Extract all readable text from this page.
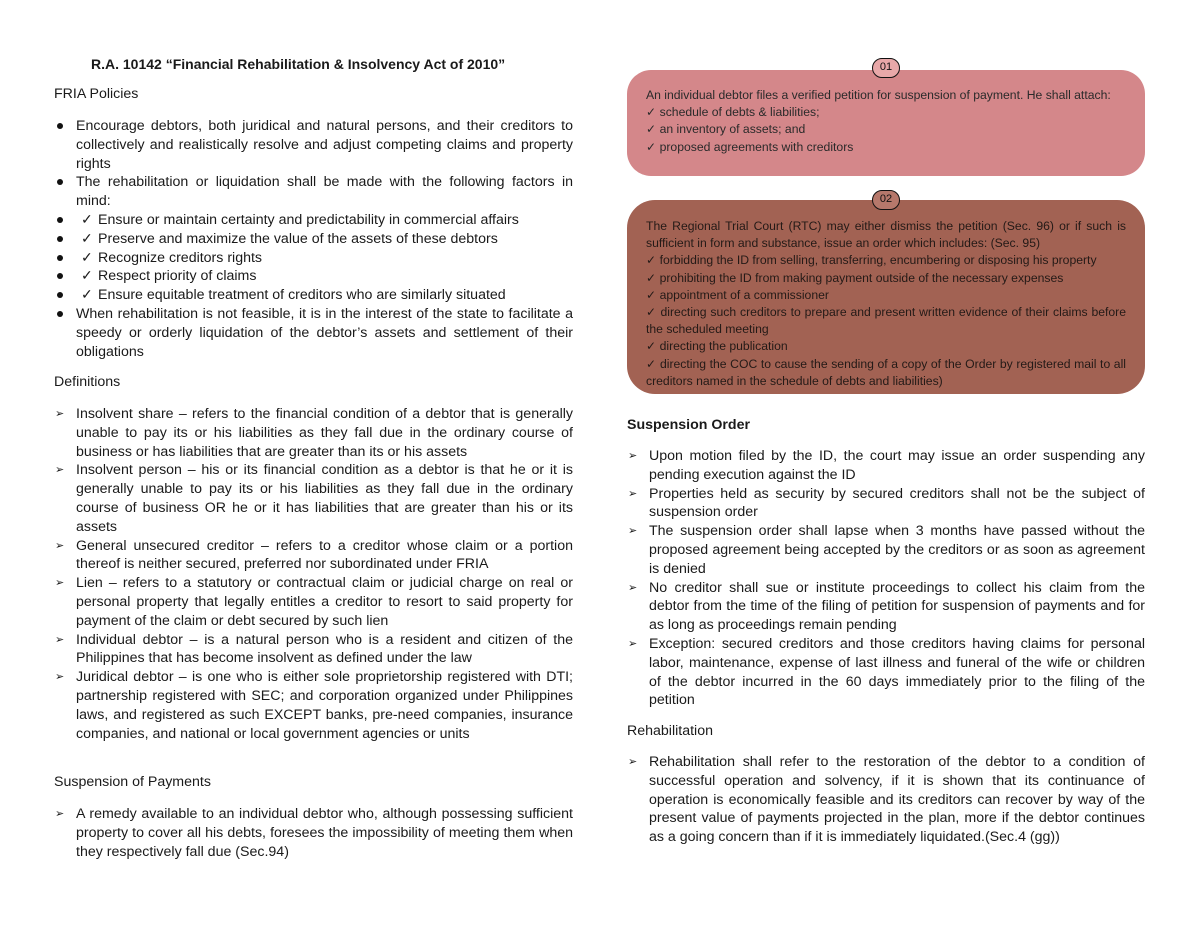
R.A. 10142 “Financial Rehabilitation & Insolvency Act of 2010”

FRIA Policies

Encourage debtors, both juridical and natural persons, and their creditors to collectively and realistically resolve and adjust competing claims and property rights
The rehabilitation or liquidation shall be made with the following factors in mind:
✓ Ensure or maintain certainty and predictability in commercial affairs
✓ Preserve and maximize the value of the assets of these debtors
✓ Recognize creditors rights
✓ Respect priority of claims
✓ Ensure equitable treatment of creditors who are similarly situated
When rehabilitation is not feasible, it is in the interest of the state to facilitate a speedy or orderly liquidation of the debtor’s assets and settlement of their obligations

Definitions

➢ Insolvent share – refers to the financial condition of a debtor that is generally unable to pay its or his liabilities as they fall due in the ordinary course of business or has liabilities that are greater than its or his assets
➢ Insolvent person – his or its financial condition as a debtor is that he or it is generally unable to pay its or his liabilities as they fall due in the ordinary course of business OR he or it has liabilities that are greater than his or its assets
➢ General unsecured creditor – refers to a creditor whose claim or a portion thereof is neither secured, preferred nor subordinated under FRIA
➢ Lien – refers to a statutory or contractual claim or judicial charge on real or personal property that legally entitles a creditor to resort to said property for payment of the claim or debt secured by such lien
➢ Individual debtor – is a natural person who is a resident and citizen of the Philippines that has become insolvent as defined under the law
➢ Juridical debtor – is one who is either sole proprietorship registered with DTI; partnership registered with SEC; and corporation organized under Philippines laws, and registered as such EXCEPT banks, pre-need companies, insurance companies, and national or local government agencies or units

Suspension of Payments

➢ A remedy available to an individual debtor who, although possessing sufficient property to cover all his debts, foresees the impossibility of meeting them when they respectively fall due (Sec.94)

An individual debtor files a verified petition for suspension of payment. He shall attach:

✓ schedule of debts & liabilities;

✓ an inventory of assets; and

✓ proposed agreements with creditors

01

The Regional Trial Court (RTC) may either dismiss the petition (Sec. 96) or if such is sufficient in form and substance, issue an order which includes: (Sec. 95)

✓ forbidding the ID from selling, transferring, encumbering or disposing his property

✓ prohibiting the ID from making payment outside of the necessary expenses

✓ appointment of a commissioner

✓ directing such creditors to prepare and present written evidence of their claims before the scheduled meeting

✓ directing the publication

✓ directing the COC to cause the sending of a copy of the Order by registered mail to all creditors named in the schedule of debts and liabilities)

02

Suspension Order

➢ Upon motion filed by the ID, the court may issue an order suspending any pending execution against the ID
➢ Properties held as security by secured creditors shall not be the subject of suspension order
➢ The suspension order shall lapse when 3 months have passed without the proposed agreement being accepted by the creditors or as soon as agreement is denied
➢ No creditor shall sue or institute proceedings to collect his claim from the debtor from the time of the filing of petition for suspension of payments and for as long as proceedings remain pending
➢ Exception: secured creditors and those creditors having claims for personal labor, maintenance, expense of last illness and funeral of the wife or children of the debtor incurred in the 60 days immediately prior to the filing of the petition

Rehabilitation

➢ Rehabilitation shall refer to the restoration of the debtor to a condition of successful operation and solvency, if it is shown that its continuance of operation is economically feasible and its creditors can recover by way of the present value of payments projected in the plan, more if the debtor continues as a going concern than if it is immediately liquidated.(Sec.4 (gg))
